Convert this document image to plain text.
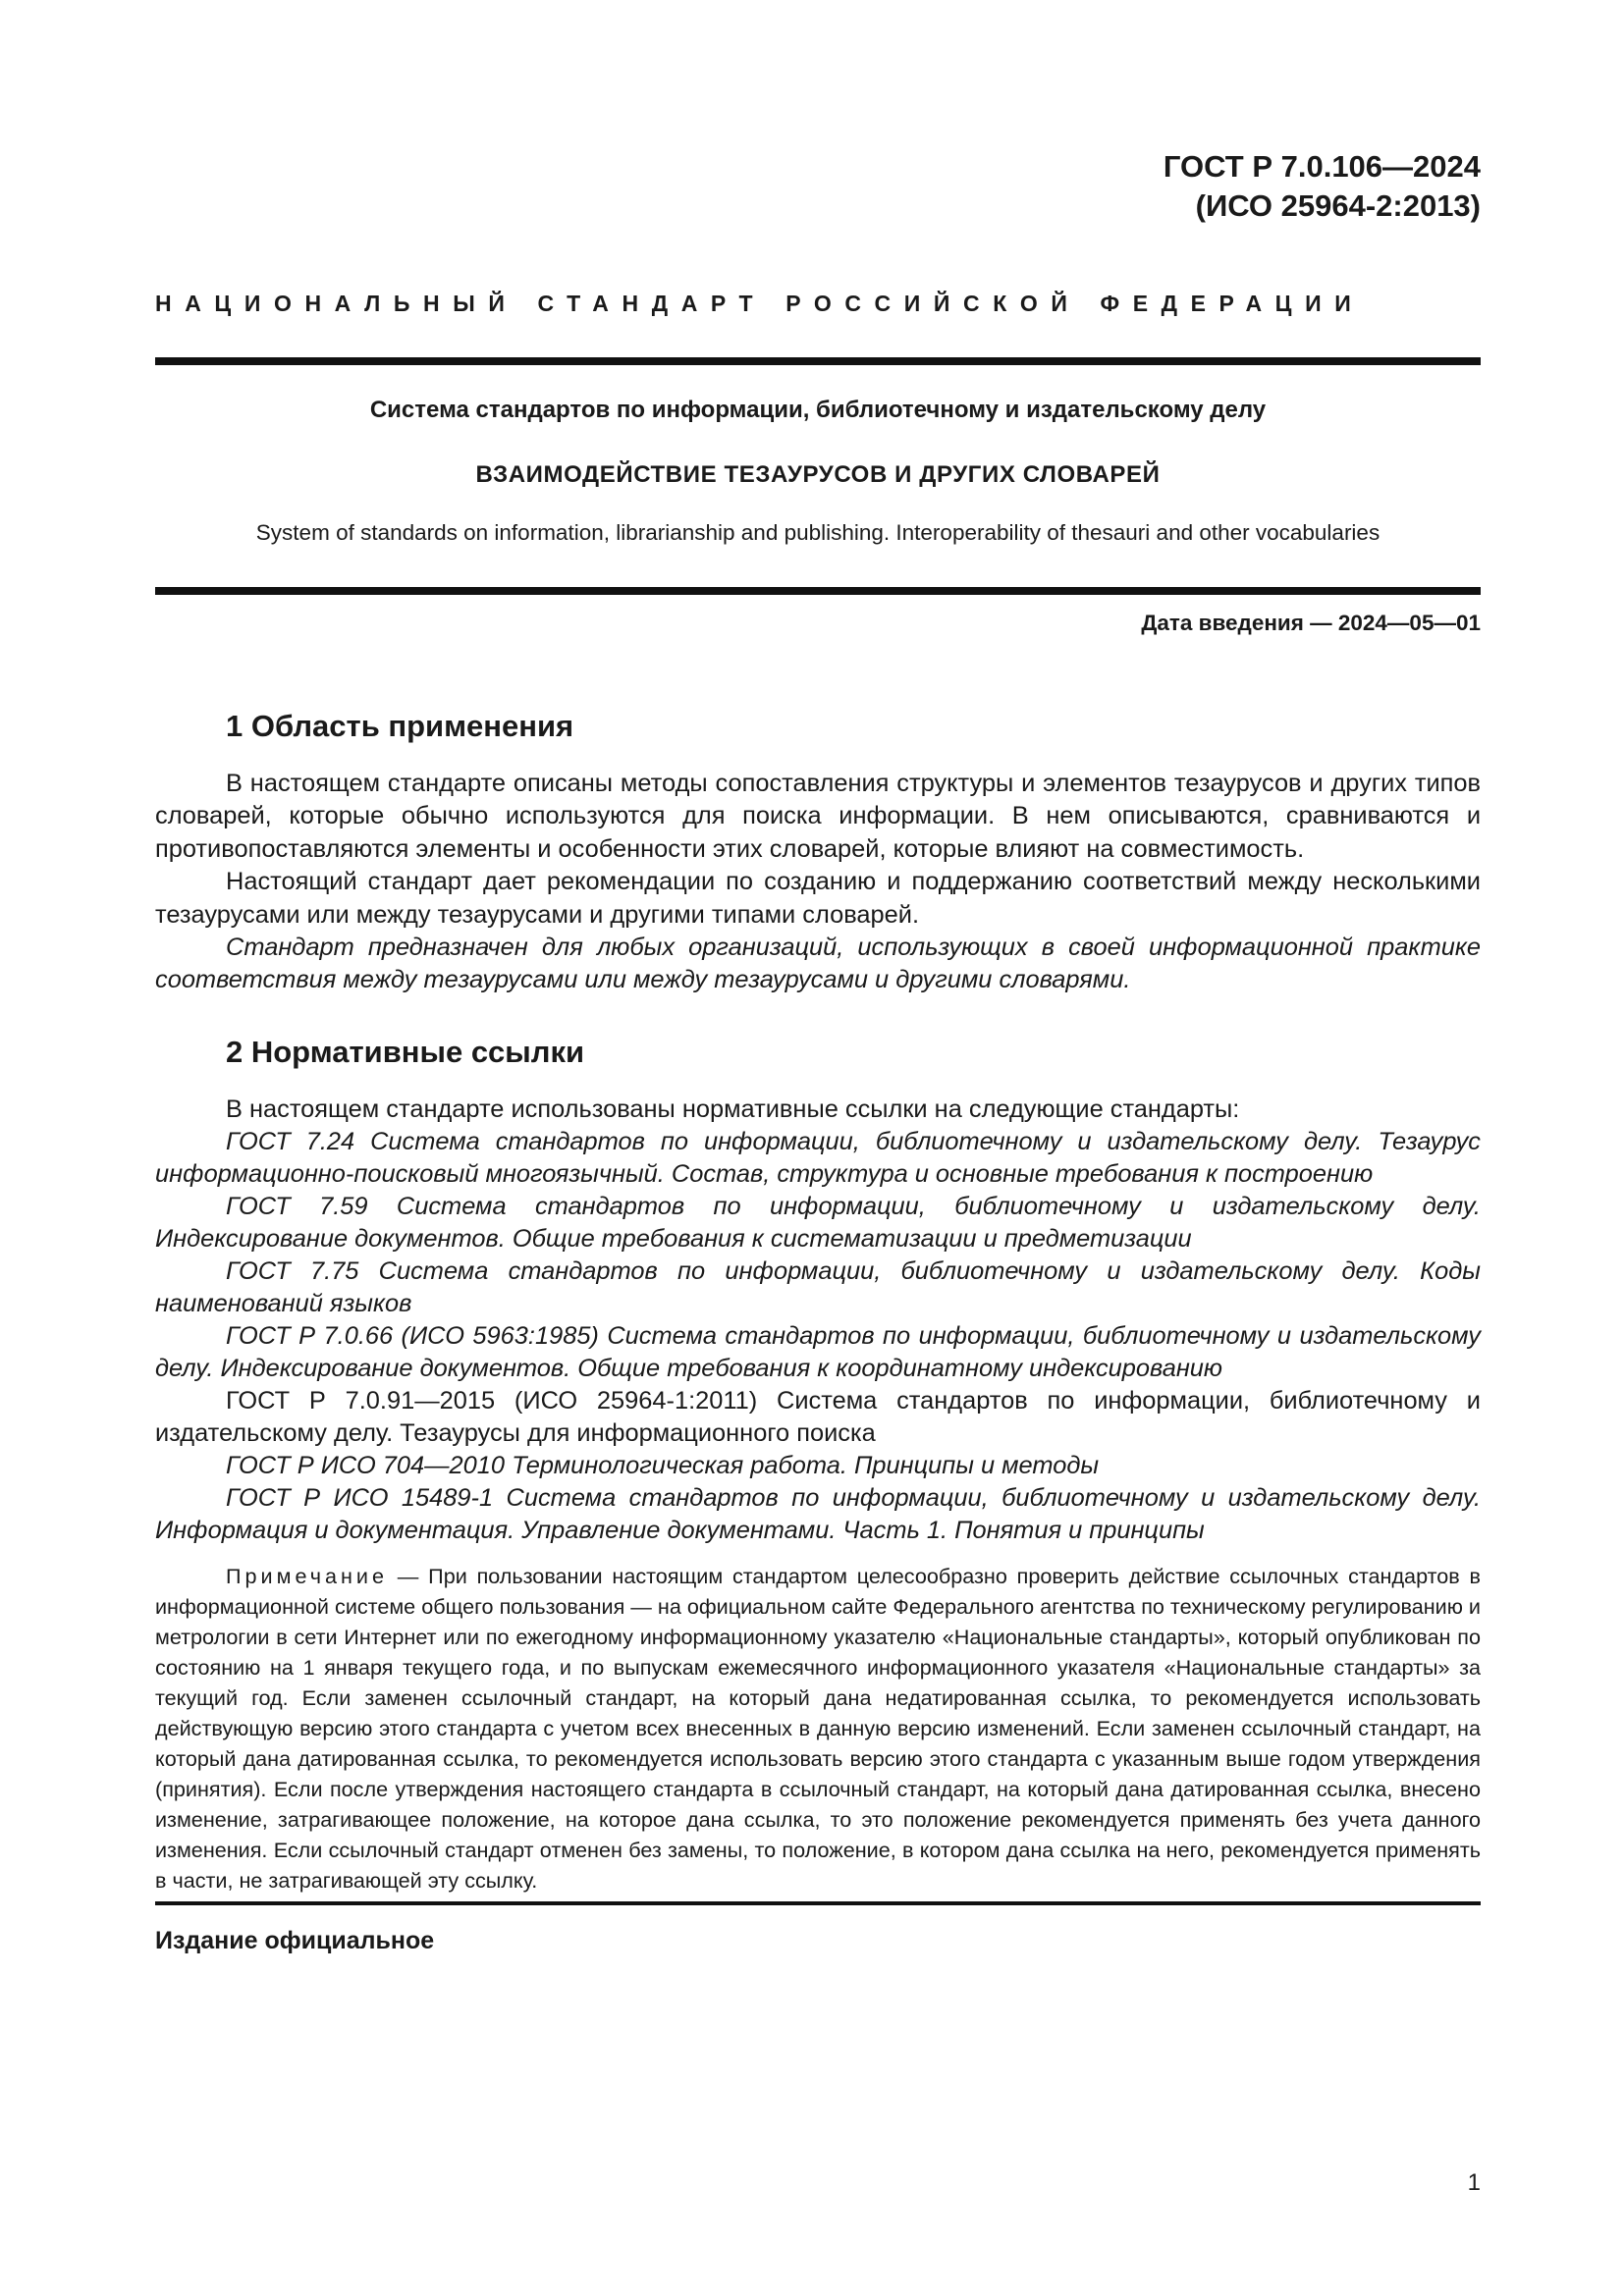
ГОСТ Р 7.0.106—2024
(ИСО 25964-2:2013)
НАЦИОНАЛЬНЫЙ СТАНДАРТ РОССИЙСКОЙ ФЕДЕРАЦИИ
Система стандартов по информации, библиотечному и издательскому делу
ВЗАИМОДЕЙСТВИЕ ТЕЗАУРУСОВ И ДРУГИХ СЛОВАРЕЙ
System of standards on information, librarianship and publishing. Interoperability of thesauri and other vocabularies
Дата введения — 2024—05—01
1 Область применения

В настоящем стандарте описаны методы сопоставления структуры и элементов тезаурусов и других типов словарей, которые обычно используются для поиска информации. В нем описываются, сравниваются и противопоставляются элементы и особенности этих словарей, которые влияют на совместимость.

Настоящий стандарт дает рекомендации по созданию и поддержанию соответствий между несколькими тезаурусами или между тезаурусами и другими типами словарей.

Стандарт предназначен для любых организаций, использующих в своей информационной практике соответствия между тезаурусами или между тезаурусами и другими словарями.

2 Нормативные ссылки

В настоящем стандарте использованы нормативные ссылки на следующие стандарты:

ГОСТ 7.24 Система стандартов по информации, библиотечному и издательскому делу. Тезаурус информационно-поисковый многоязычный. Состав, структура и основные требования к построению

ГОСТ 7.59 Система стандартов по информации, библиотечному и издательскому делу. Индексирование документов. Общие требования к систематизации и предметизации

ГОСТ 7.75 Система стандартов по информации, библиотечному и издательскому делу. Коды наименований языков

ГОСТ Р 7.0.66 (ИСО 5963:1985) Система стандартов по информации, библиотечному и издательскому делу. Индексирование документов. Общие требования к координатному индексированию

ГОСТ Р 7.0.91—2015 (ИСО 25964-1:2011) Система стандартов по информации, библиотечному и издательскому делу. Тезаурусы для информационного поиска

ГОСТ Р ИСО 704—2010 Терминологическая работа. Принципы и методы

ГОСТ Р ИСО 15489-1 Система стандартов по информации, библиотечному и издательскому делу. Информация и документация. Управление документами. Часть 1. Понятия и принципы

Примечание — При пользовании настоящим стандартом целесообразно проверить действие ссылочных стандартов в информационной системе общего пользования — на официальном сайте Федерального агентства по техническому регулированию и метрологии в сети Интернет или по ежегодному информационному указателю «Национальные стандарты», который опубликован по состоянию на 1 января текущего года, и по выпускам ежемесячного информационного указателя «Национальные стандарты» за текущий год. Если заменен ссылочный стандарт, на который дана недатированная ссылка, то рекомендуется использовать действующую версию этого стандарта с учетом всех внесенных в данную версию изменений. Если заменен ссылочный стандарт, на который дана датированная ссылка, то рекомендуется использовать версию этого стандарта с указанным выше годом утверждения (принятия). Если после утверждения настоящего стандарта в ссылочный стандарт, на который дана датированная ссылка, внесено изменение, затрагивающее положение, на которое дана ссылка, то это положение рекомендуется применять без учета данного изменения. Если ссылочный стандарт отменен без замены, то положение, в котором дана ссылка на него, рекомендуется применять в части, не затрагивающей эту ссылку.
Издание официальное
1
